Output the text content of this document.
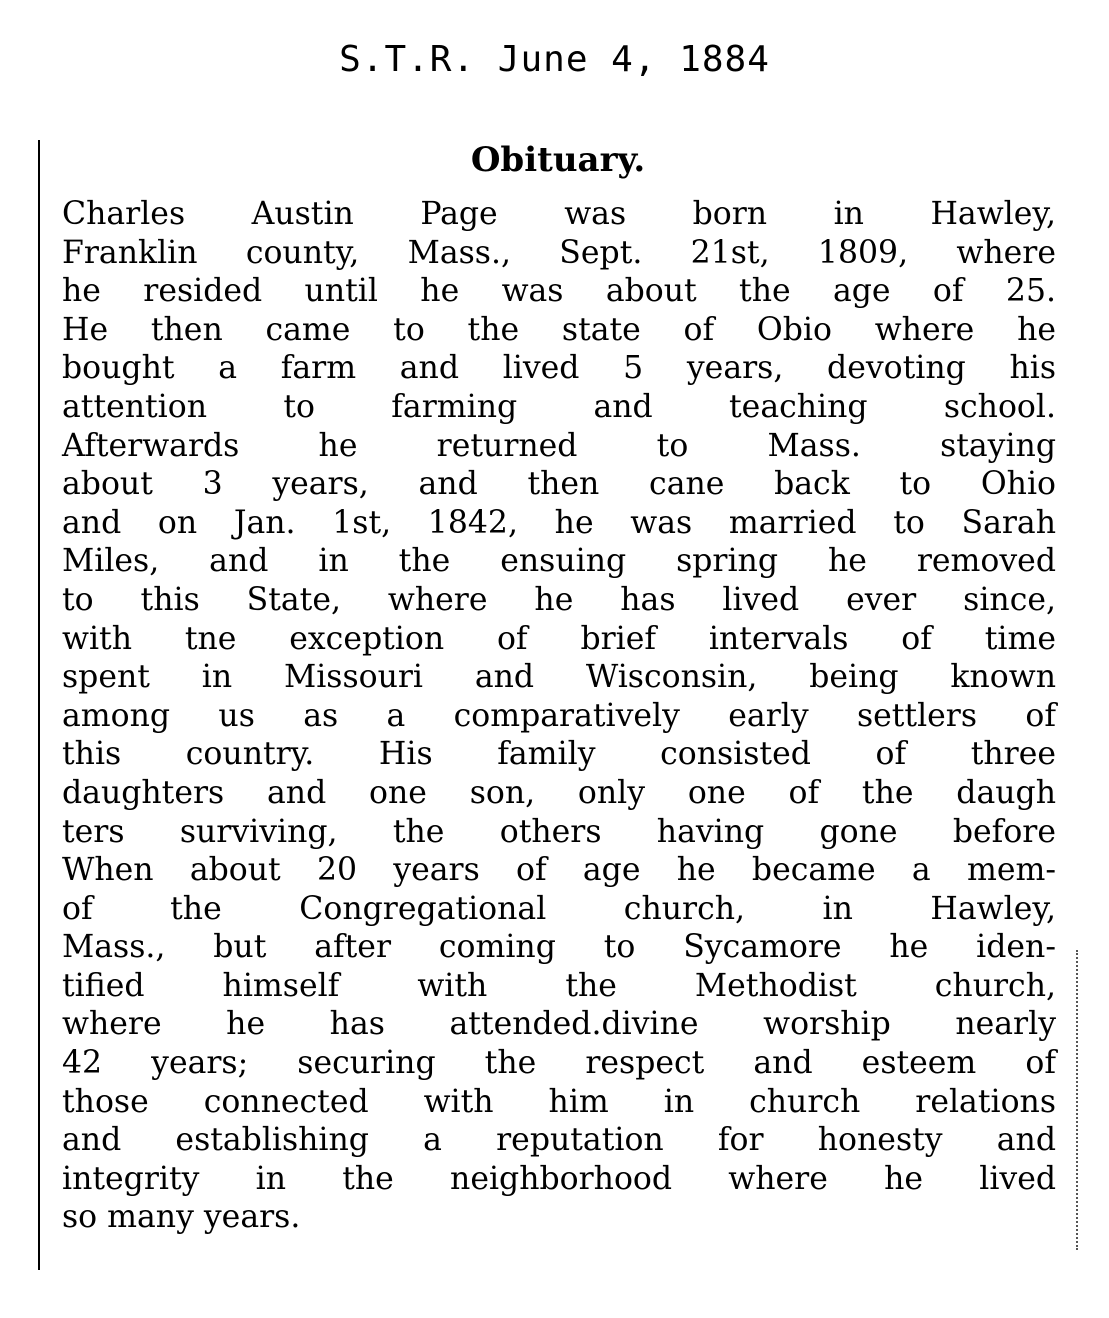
S.T.R. June 4, 1884
Obituary.
Charles Austin Page was born in Hawley,
Franklin county, Mass., Sept. 21st, 1809, where
he resided until he was about the age of 25.
He then came to the state of Obio where he
bought a farm and lived 5 years, devoting his
attention to farming and teaching school.
Afterwards he returned to Mass. staying
about 3 years, and then cane back to Ohio
and on Jan. 1st, 1842, he was married to Sarah
Miles, and in the ensuing spring he removed
to this State, where he has lived ever since,
with tne exception of brief intervals of time
spent in Missouri and Wisconsin, being known
among us as a comparatively early settlers of
this country. His family consisted of three
daughters and one son, only one of the daugh
ters surviving, the others having gone before
When about 20 years of age he became a mem-
of the Congregational church, in Hawley,
Mass., but after coming to Sycamore he iden-
tified himself with the Methodist church,
where he has attended.divine worship nearly
42 years; securing the respect and esteem of
those connected with him in church relations
and establishing a reputation for honesty and
integrity in the neighborhood where he lived
so many years.
